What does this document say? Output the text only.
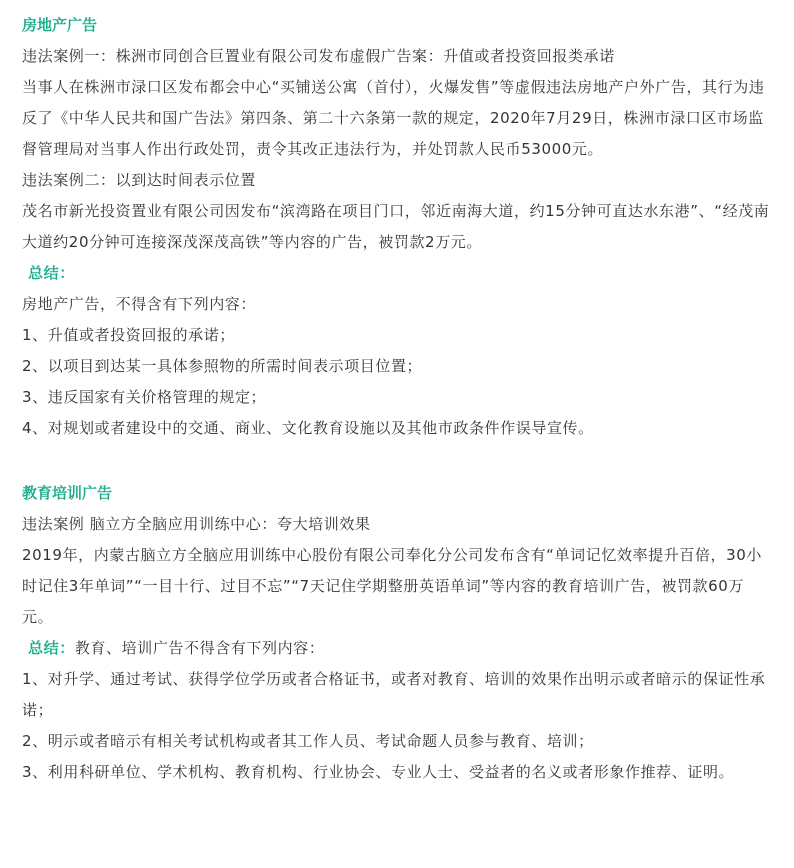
房地产广告

违法案例一：株洲市同创合巨置业有限公司发布虚假广告案：升值或者投资回报类承诺

当事人在株洲市渌口区发布都会中心“买铺送公寓（首付），火爆发售”等虚假违法房地产户外广告，其行为违反了《中华人民共和国广告法》第四条、第二十六条第一款的规定，2020年7月29日，株洲市渌口区市场监督管理局对当事人作出行政处罚，责令其改正违法行为，并处罚款人民币53000元。

违法案例二：以到达时间表示位置

茂名市新光投资置业有限公司因发布“滨湾路在项目门口，邻近南海大道，约15分钟可直达水东港”、“经茂南大道约20分钟可连接深茂深茂高铁”等内容的广告，被罚款2万元。

总结：

房地产广告，不得含有下列内容：

1、升值或者投资回报的承诺；

2、以项目到达某一具体参照物的所需时间表示项目位置；

3、违反国家有关价格管理的规定；

4、对规划或者建设中的交通、商业、文化教育设施以及其他市政条件作误导宣传。

教育培训广告

违法案例 脑立方全脑应用训练中心：夸大培训效果

2019年，内蒙古脑立方全脑应用训练中心股份有限公司奉化分公司发布含有“单词记忆效率提升百倍，30小时记住3年单词”“一目十行、过目不忘”“7天记住学期整册英语单词”等内容的教育培训广告，被罚款60万元。

总结：教育、培训广告不得含有下列内容：

1、对升学、通过考试、获得学位学历或者合格证书，或者对教育、培训的效果作出明示或者暗示的保证性承诺；

2、明示或者暗示有相关考试机构或者其工作人员、考试命题人员参与教育、培训；

3、利用科研单位、学术机构、教育机构、行业协会、专业人士、受益者的名义或者形象作推荐、证明。
